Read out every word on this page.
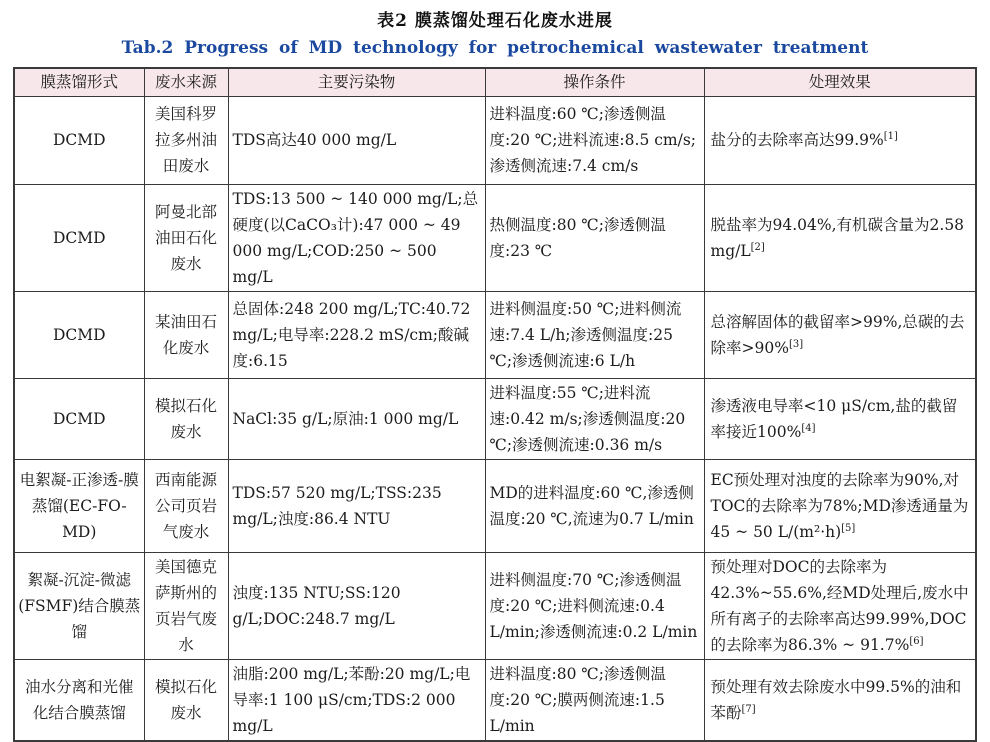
表2 膜蒸馏处理石化废水进展
Tab.2 Progress of MD technology for petrochemical wastewater treatment
膜蒸馏形式	废水来源	主要污染物	操作条件	处理效果
DCMD	美国科罗拉多州油田废水	TDS高达40 000 mg/L	进料温度:60 ℃;渗透侧温度:20 ℃;进料流速:8.5 cm/s;渗透侧流速:7.4 cm/s	盐分的去除率高达99.9%[1]
DCMD	阿曼北部油田石化废水	TDS:13 500 ~ 140 000 mg/L;总硬度(以CaCO₃计):47 000 ~ 49 000 mg/L;COD:250 ~ 500 mg/L	热侧温度:80 ℃;渗透侧温度:23 ℃	脱盐率为94.04%,有机碳含量为2.58 mg/L[2]
DCMD	某油田石化废水	总固体:248 200 mg/L;TC:40.72 mg/L;电导率:228.2 mS/cm;酸碱度:6.15	进料侧温度:50 ℃;进料侧流速:7.4 L/h;渗透侧温度:25 ℃;渗透侧流速:6 L/h	总溶解固体的截留率>99%,总碳的去除率>90%[3]
DCMD	模拟石化废水	NaCl:35 g/L;原油:1 000 mg/L	进料温度:55 ℃;进料流速:0.42 m/s;渗透侧温度:20 ℃;渗透侧流速:0.36 m/s	渗透液电导率<10 μS/cm,盐的截留率接近100%[4]
电絮凝-正渗透-膜蒸馏(EC-FO-MD)	西南能源公司页岩气废水	TDS:57 520 mg/L;TSS:235 mg/L;浊度:86.4 NTU	MD的进料温度:60 ℃,渗透侧温度:20 ℃,流速为0.7 L/min	EC预处理对浊度的去除率为90%,对TOC的去除率为78%;MD渗透通量为45 ~ 50 L/(m²·h)[5]
絮凝-沉淀-微滤(FSMF)结合膜蒸馏	美国德克萨斯州的页岩气废水	浊度:135 NTU;SS:120 g/L;DOC:248.7 mg/L	进料侧温度:70 ℃;渗透侧温度:20 ℃;进料侧流速:0.4 L/min;渗透侧流速:0.2 L/min	预处理对DOC的去除率为42.3%~55.6%,经MD处理后,废水中所有离子的去除率高达99.99%,DOC的去除率为86.3% ~ 91.7%[6]
油水分离和光催化结合膜蒸馏	模拟石化废水	油脂:200 mg/L;苯酚:20 mg/L;电导率:1 100 μS/cm;TDS:2 000 mg/L	进料温度:80 ℃;渗透侧温度:20 ℃;膜两侧流速:1.5 L/min	预处理有效去除废水中99.5%的油和苯酚[7]
